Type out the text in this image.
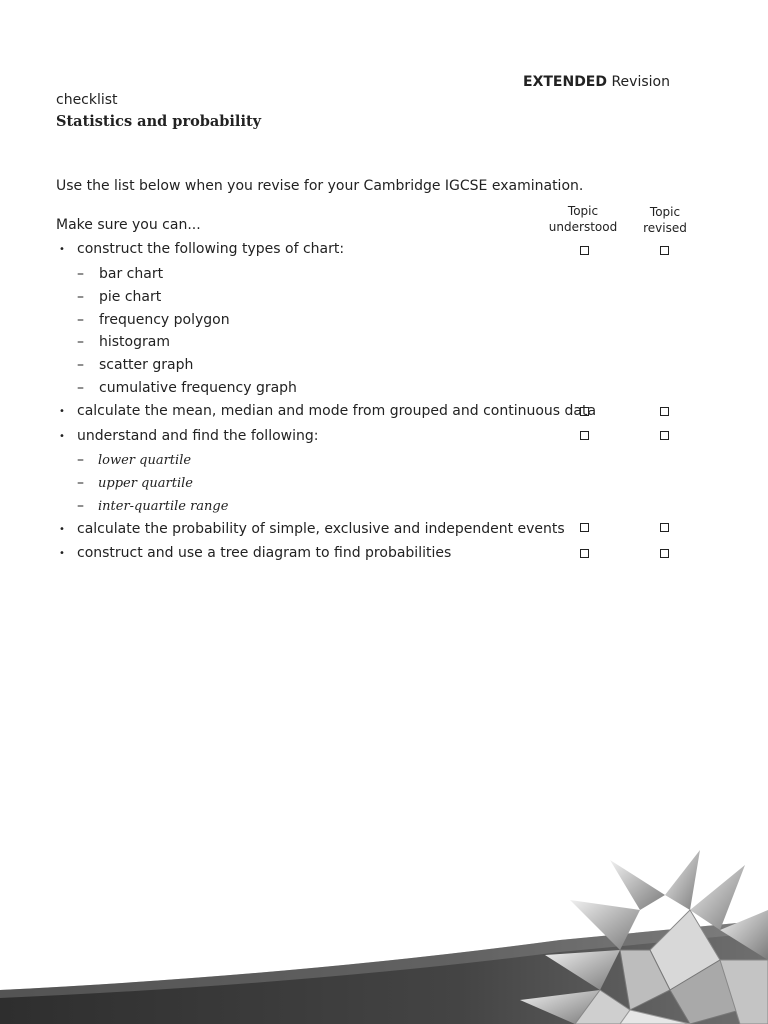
EXTENDED Revision
checklist
Statistics and probability
Use the list below when you revise for your Cambridge IGCSE examination.
Make sure you can...
Topic
understood
Topic
revised
• construct the following types of chart:
– bar chart
– pie chart
– frequency polygon
– histogram
– scatter graph
– cumulative frequency graph
• calculate the mean, median and mode from grouped and continuous data
• understand and find the following:
– lower quartile
– upper quartile
– inter-quartile range
• calculate the probability of simple, exclusive and independent events
• construct and use a tree diagram to find probabilities
